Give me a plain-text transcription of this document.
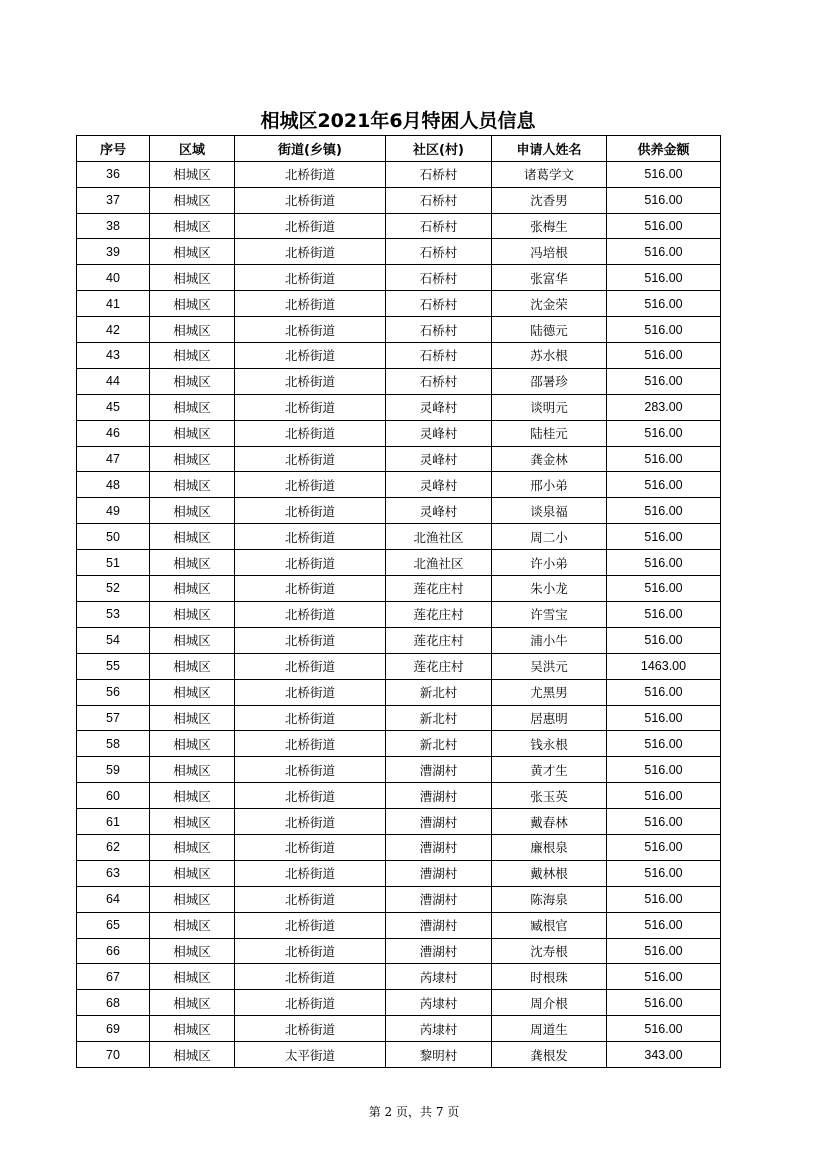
相城区2021年6月特困人员信息
序号	区域	街道(乡镇)	社区(村)	申请人姓名	供养金额
36	相城区	北桥街道	石桥村	诸葛学文	516.00
37	相城区	北桥街道	石桥村	沈香男	516.00
38	相城区	北桥街道	石桥村	张梅生	516.00
39	相城区	北桥街道	石桥村	冯培根	516.00
40	相城区	北桥街道	石桥村	张富华	516.00
41	相城区	北桥街道	石桥村	沈金荣	516.00
42	相城区	北桥街道	石桥村	陆德元	516.00
43	相城区	北桥街道	石桥村	苏水根	516.00
44	相城区	北桥街道	石桥村	邵暑珍	516.00
45	相城区	北桥街道	灵峰村	谈明元	283.00
46	相城区	北桥街道	灵峰村	陆桂元	516.00
47	相城区	北桥街道	灵峰村	龚金林	516.00
48	相城区	北桥街道	灵峰村	邢小弟	516.00
49	相城区	北桥街道	灵峰村	谈泉福	516.00
50	相城区	北桥街道	北渔社区	周二小	516.00
51	相城区	北桥街道	北渔社区	许小弟	516.00
52	相城区	北桥街道	莲花庄村	朱小龙	516.00
53	相城区	北桥街道	莲花庄村	许雪宝	516.00
54	相城区	北桥街道	莲花庄村	浦小牛	516.00
55	相城区	北桥街道	莲花庄村	吴洪元	1463.00
56	相城区	北桥街道	新北村	尤黑男	516.00
57	相城区	北桥街道	新北村	居惠明	516.00
58	相城区	北桥街道	新北村	钱永根	516.00
59	相城区	北桥街道	漕湖村	黄才生	516.00
60	相城区	北桥街道	漕湖村	张玉英	516.00
61	相城区	北桥街道	漕湖村	戴春林	516.00
62	相城区	北桥街道	漕湖村	廉根泉	516.00
63	相城区	北桥街道	漕湖村	戴林根	516.00
64	相城区	北桥街道	漕湖村	陈海泉	516.00
65	相城区	北桥街道	漕湖村	臧根官	516.00
66	相城区	北桥街道	漕湖村	沈寿根	516.00
67	相城区	北桥街道	芮埭村	时根珠	516.00
68	相城区	北桥街道	芮埭村	周介根	516.00
69	相城区	北桥街道	芮埭村	周道生	516.00
70	相城区	太平街道	黎明村	龚根发	343.00
第 2 页，共 7 页
